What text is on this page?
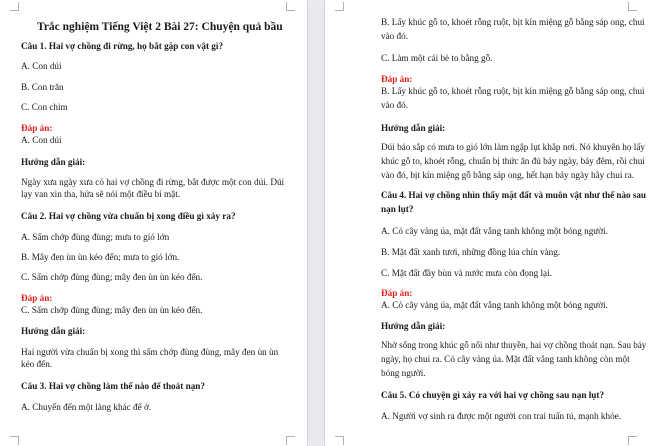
Trắc nghiệm Tiếng Việt 2 Bài 27: Chuyện quả bầu
Câu 1. Hai vợ chồng đi rừng, họ bắt gặp con vật gì?
A. Con dúi
B. Con trăn
C. Con chim
Đáp án:
A. Con dúi
Hướng dẫn giải:
Ngày xưa ngày xưa có hai vợ chồng đi rừng, bắt được một con dúi. Dúi
lạy van xin tha, hứa sẽ nói một điều bí mật.
Câu 2. Hai vợ chồng vừa chuẩn bị xong điều gì xảy ra?
A. Sấm chớp đùng đùng; mưa to gió lớn
B. Mây đen ùn ùn kéo đến; mưa to gió lớn.
C. Sấm chớp đùng đùng; mây đen ùn ùn kéo đến.
Đáp án:
C. Sấm chớp đùng đùng; mây đen ùn ùn kéo đến.
Hướng dẫn giải:
Hai người vừa chuẩn bị xong thì sấm chớp đùng đùng, mây đen ùn ùn
kéo đến.
Câu 3. Hai vợ chồng làm thế nào để thoát nạn?
A. Chuyển đến một làng khác để ở.
B. Lấy khúc gỗ to, khoét rỗng ruột, bịt kín miệng gỗ bằng sáp ong, chui
vào đó.
C. Làm một cái bè to bằng gỗ.
Đáp án:
B. Lấy khúc gỗ to, khoét rỗng ruột, bịt kín miệng gỗ bằng sáp ong, chui
vào đó.
Hướng dẫn giải:
Dúi báo sắp có mưa to gió lớn làm ngập lụt khắp nơi. Nó khuyên họ lấy
khúc gỗ to, khoét rỗng, chuẩn bị thức ăn đủ bảy ngày, bảy đêm, rồi chui
vào đó, bịt kín miệng gỗ bằng sáp ong, hết hạn bảy ngày hãy chui ra.
Câu 4. Hai vợ chồng nhìn thấy mặt đất và muôn vật như thế nào sau
nạn lụt?
A. Cỏ cây vàng úa, mặt đất vắng tanh không một bóng người.
B. Mặt đất xanh tươi, những đồng lúa chín vàng.
C. Mặt đất đầy bùn và nước mưa còn đọng lại.
Đáp án:
A. Cỏ cây vàng úa, mặt đất vắng tanh không một bóng người.
Hướng dẫn giải:
Nhờ sống trong khúc gỗ nổi như thuyền, hai vợ chồng thoát nạn. Sau bảy
ngày, họ chui ra. Cỏ cây vàng úa. Mặt đất vắng tanh không còn một
bóng người.
Câu 5. Có chuyện gì xảy ra với hai vợ chồng sau nạn lụt?
A. Người vợ sinh ra được một người con trai tuấn tú, mạnh khỏe.
